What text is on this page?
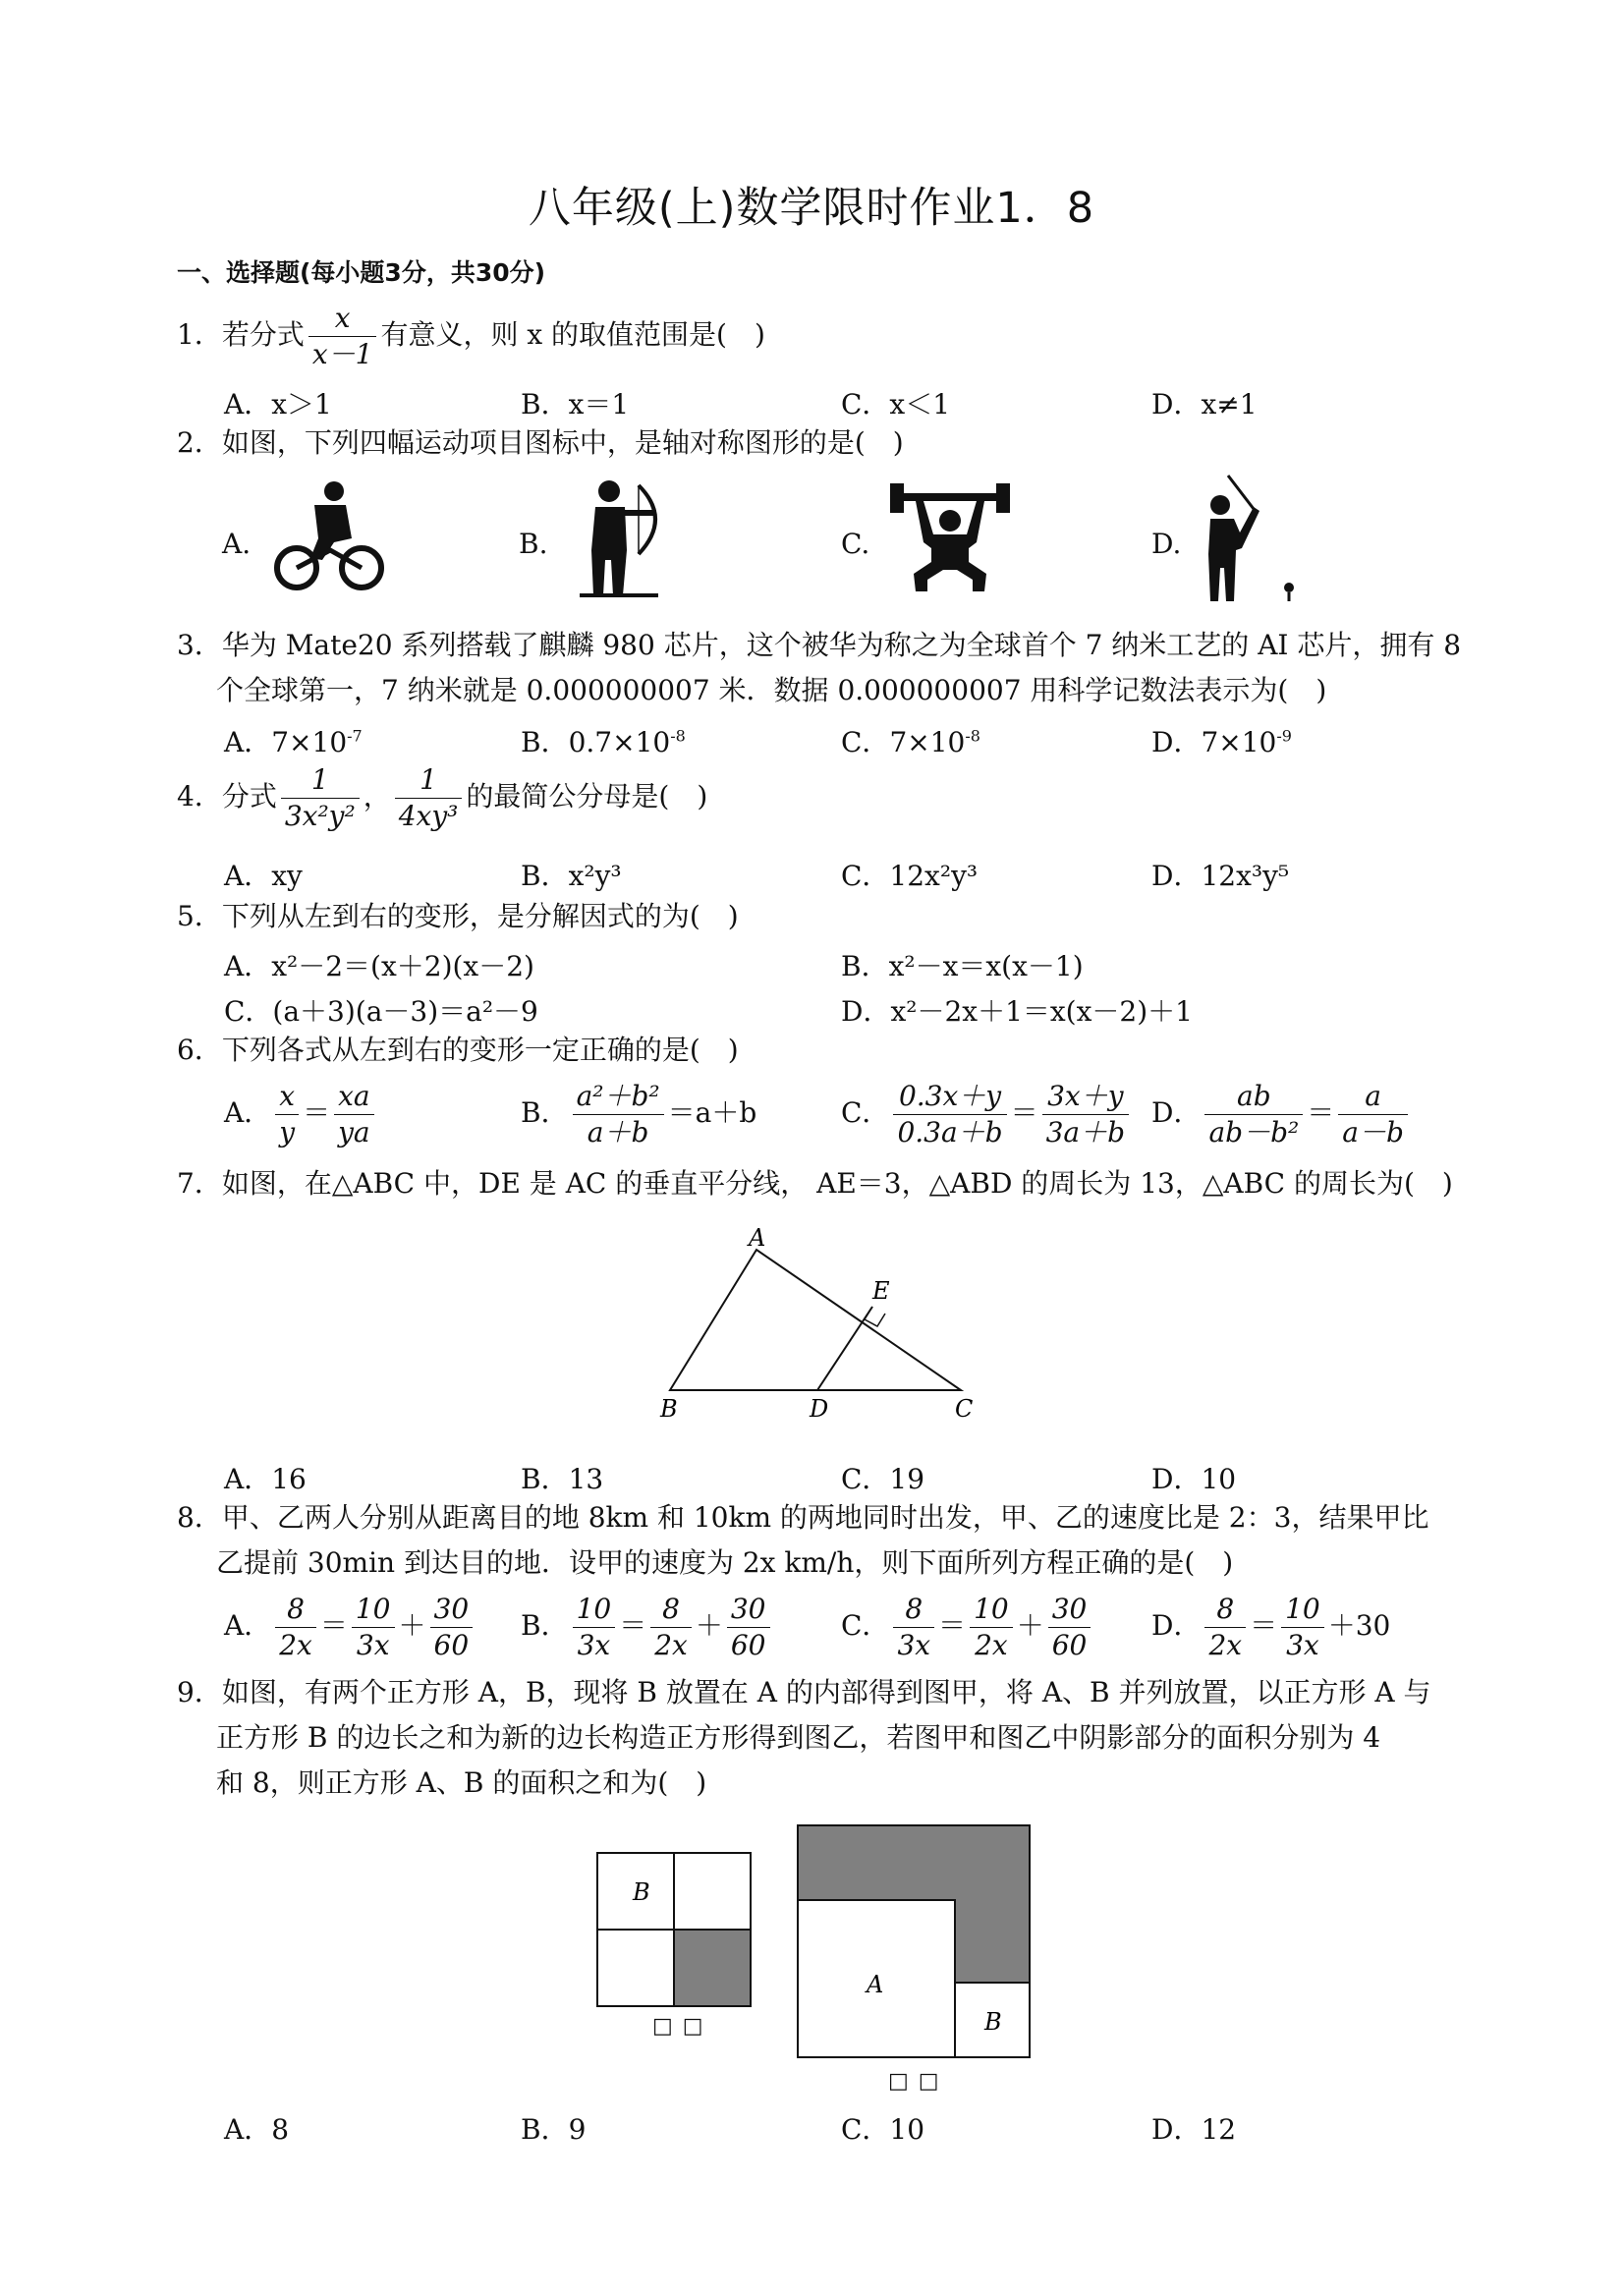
八年级(上)数学限时作业1．8
一、选择题(每小题3分，共30分)
1．若分式 $\frac{x}{x-1}$ 有意义，则 x 的取值范围是(　)
A．x＞1	B．x＝1	C．x＜1	D．x≠1
2．如图，下列四幅运动项目图标中，是轴对称图形的是(　)
A.	B.	C.	D.
3．华为 Mate20 系列搭载了麒麟 980 芯片，这个被华为称之为全球首个 7 纳米工艺的 AI 芯片，拥有 8
个全球第一，7 纳米就是 0.000000007 米．数据 0.000000007 用科学记数法表示为(　)
A．$7\times 10^{-7}$	B．$0.7\times 10^{-8}$	C．$7\times 10^{-8}$	D．$7\times 10^{-9}$
4．分式 $\frac{1}{\text{3x²y²}}$ ， $\frac{1}{\text{4xy³}}$ 的最简公分母是(　)
A．xy	B．x²y³	C．12x²y³	D．12x³y⁵
5．下列从左到右的变形，是分解因式的为(　)
A．x²－2＝(x＋2)(x－2)	B．x²－x＝x(x－1)
C．(a＋3)(a－3)＝a²－9	D．x²－2x＋1＝x(x－2)＋1
6．下列各式从左到右的变形一定正确的是(　)
A． $\frac{x}{y} = \frac{xa}{ya}$	B． $\frac{\text{a²＋b²}}{a+b} =a+b$	C． $\frac{0.3x+y}{0.3a+b} = \frac{3x+y}{3a+b}$ D． $\frac{ab}{\text{ab－b²}} = \frac{a}{a-b}$
7．如图，在△ABC 中，DE 是 AC 的垂直平分线， AE＝3，△ABD 的周长为 13，△ABC 的周长为(　)
A
B	C
D
E
A．16	B．13	C．19	D．10
8．甲、乙两人分别从距离目的地 8km 和 10km 的两地同时出发，甲、乙的速度比是 2：3，结果甲比
乙提前 30min 到达目的地．设甲的速度为 2x km/h，则下面所列方程正确的是(　)
A． $\frac{8}{2x} = \frac{10}{3x} + \frac{30}{60}$ B． $\frac{10}{3x} = \frac{8}{2x} + \frac{30}{60}$	C． $\frac{8}{3x} = \frac{10}{2x} + \frac{30}{60}$ D． $\frac{8}{2x} = \frac{10}{3x} +30$
9．如图，有两个正方形 A，B，现将 B 放置在 A 的内部得到图甲，将 A、B 并列放置，以正方形 A 与
正方形 B 的边长之和为新的边长构造正方形得到图乙，若图甲和图乙中阴影部分的面积分别为 4
和 8，则正方形 A、B 的面积之和为(　)
B
□□
A
B
□□
A．8	B．9	C．10	D．12
